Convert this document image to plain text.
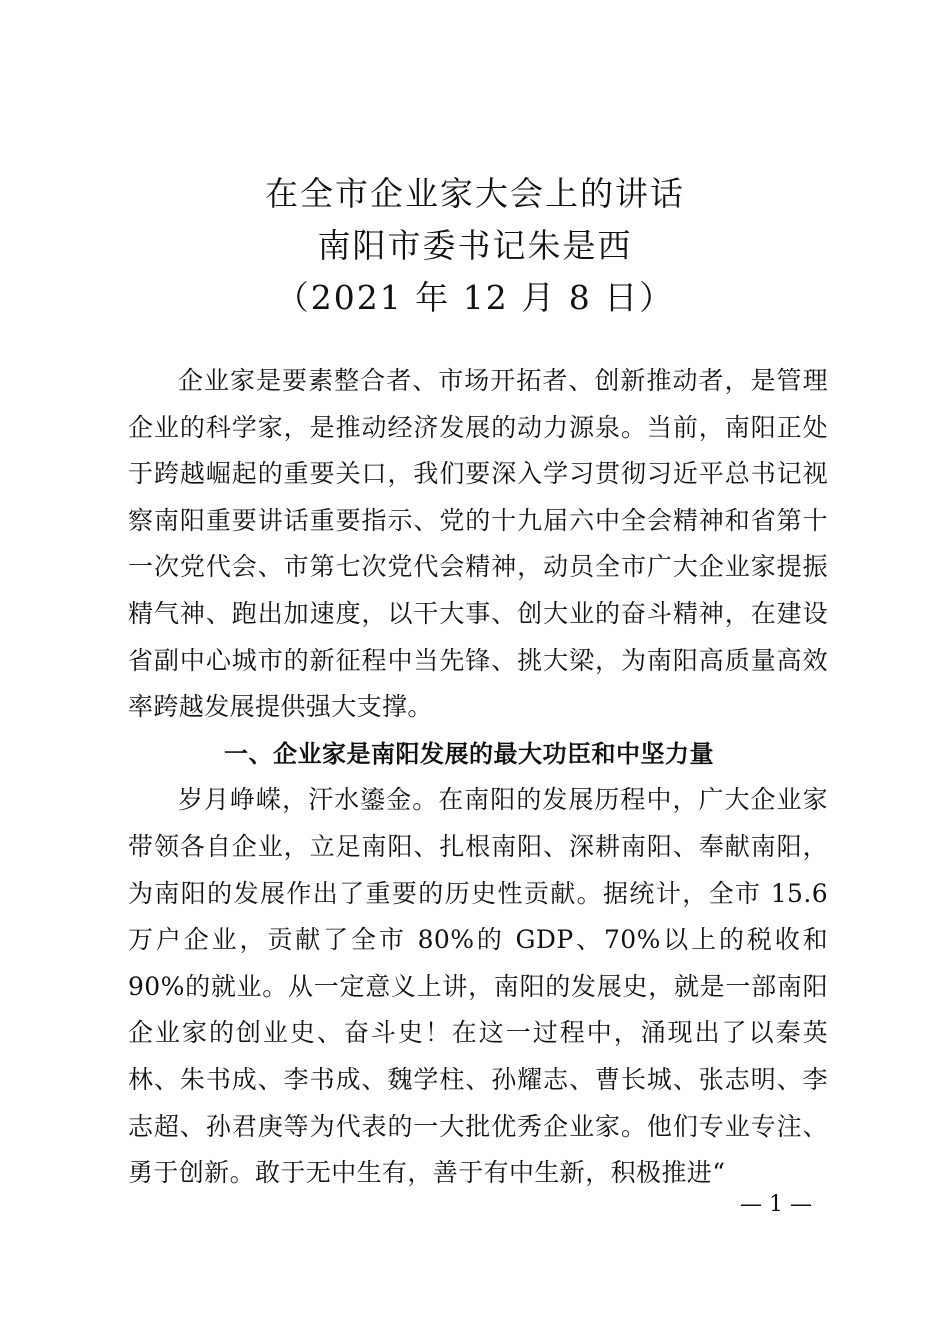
在全市企业家大会上的讲话
南阳市委书记朱是西
（2021 年 12 月 8 日）

企业家是要素整合者、市场开拓者、创新推动者，是管理企业的科学家，是推动经济发展的动力源泉。当前，南阳正处于跨越崛起的重要关口，我们要深入学习贯彻习近平总书记视察南阳重要讲话重要指示、党的十九届六中全会精神和省第十一次党代会、市第七次党代会精神，动员全市广大企业家提振精气神、跑出加速度，以干大事、创大业的奋斗精神，在建设省副中心城市的新征程中当先锋、挑大梁，为南阳高质量高效率跨越发展提供强大支撑。

一、企业家是南阳发展的最大功臣和中坚力量

岁月峥嵘，汗水鎏金。在南阳的发展历程中，广大企业家带领各自企业，立足南阳、扎根南阳、深耕南阳、奉献南阳，为南阳的发展作出了重要的历史性贡献。据统计，全市 15.6 万户企业，贡献了全市 80%的 GDP、70%以上的税收和 90%的就业。从一定意义上讲，南阳的发展史，就是一部南阳企业家的创业史、奋斗史！在这一过程中，涌现出了以秦英林、朱书成、李书成、魏学柱、孙耀志、曹长城、张志明、李志超、孙君庚等为代表的一大批优秀企业家。他们专业专注、勇于创新。敢于无中生有，善于有中生新，积极推进“

— 1 —
